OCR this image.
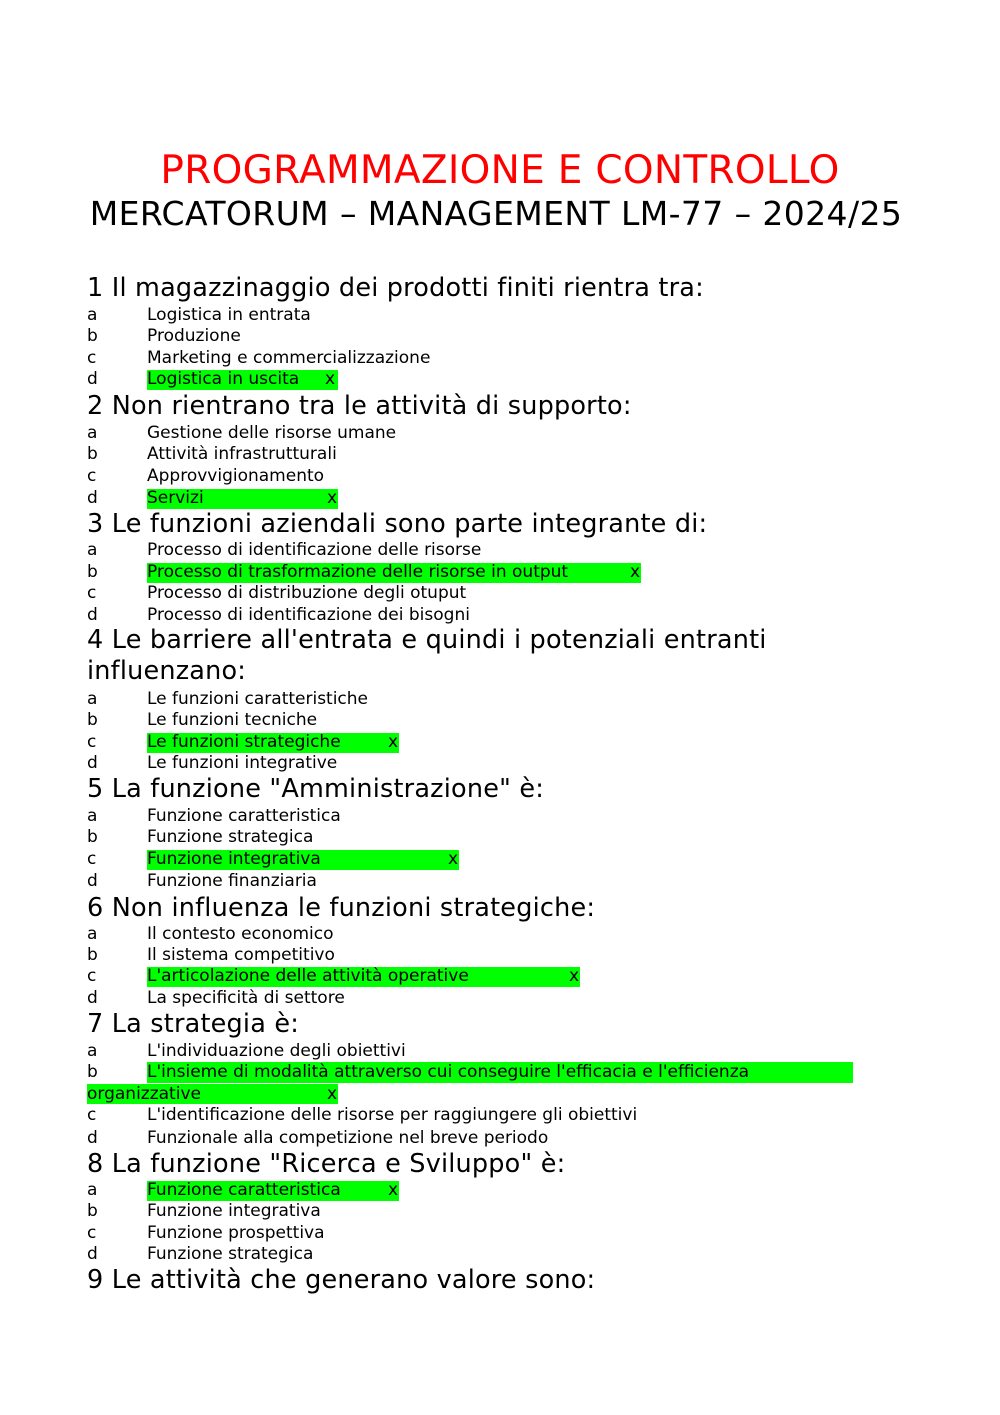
PROGRAMMAZIONE E CONTROLLO
MERCATORUM – MANAGEMENT LM-77 – 2024/25
1 Il magazzinaggio dei prodotti finiti rientra tra:
a	Logistica in entrata
b	Produzione
c	Marketing e commercializzazione
d	Logistica in uscita x
2 Non rientrano tra le attività di supporto:
a	Gestione delle risorse umane
b	Attività infrastrutturali
c	Approvvigionamento
d	Servizi	x
3 Le funzioni aziendali sono parte integrante di:
a	Processo di identificazione delle risorse
b	Processo di trasformazione delle risorse in output	x
c	Processo di distribuzione degli otuput
d	Processo di identificazione dei bisogni
4 Le barriere all'entrata e quindi i potenziali entranti influenzano:
a	Le funzioni caratteristiche
b	Le funzioni tecniche
c	Le funzioni strategiche	x
d	Le funzioni integrative
5 La funzione "Amministrazione" è:
a	Funzione caratteristica
b	Funzione strategica
c	Funzione integrativa	x
d	Funzione finanziaria
6 Non influenza le funzioni strategiche:
a	Il contesto economico
b	Il sistema competitivo
c	L'articolazione delle attività operative	x
d	La specificità di settore
7 La strategia è:
a	L'individuazione degli obiettivi
b	L'insieme di modalità attraverso cui conseguire l'efficacia e l'efficienza
organizzative	x
c	L'identificazione delle risorse per raggiungere gli obiettivi
d	Funzionale alla competizione nel breve periodo
8 La funzione "Ricerca e Sviluppo" è:
a	Funzione caratteristica	x
b	Funzione integrativa
c	Funzione prospettiva
d	Funzione strategica
9 Le attività che generano valore sono:
